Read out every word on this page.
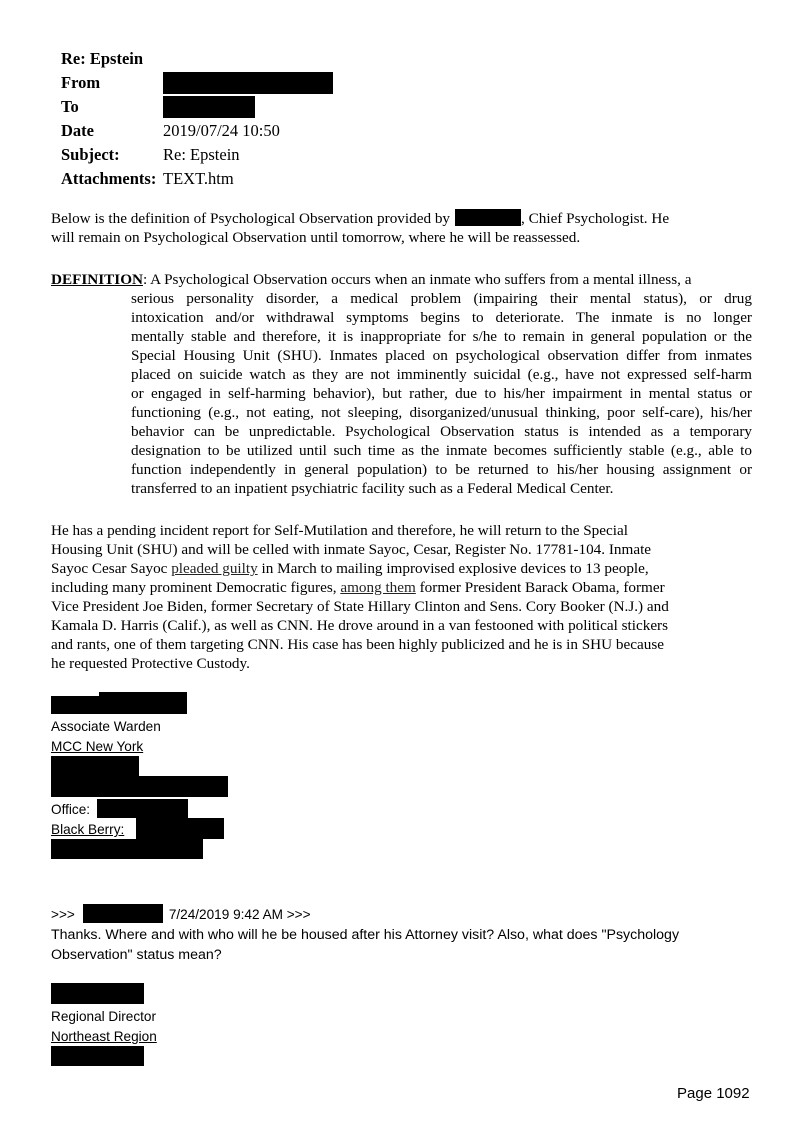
Re: Epstein
From
To
Date	2019/07/24 10:50
Subject:	Re: Epstein
Attachments: TEXT.htm
Below is the definition of Psychological Observation provided by	, Chief Psychologist. He
will remain on Psychological Observation until tomorrow, where he will be reassessed.
DEFINITION: A Psychological Observation occurs when an inmate who suffers from a mental illness, a
serious personality disorder, a medical problem (impairing their mental status), or drug
intoxication and/or withdrawal symptoms begins to deteriorate. The inmate is no longer
mentally stable and therefore, it is inappropriate for s/he to remain in general population or the
Special Housing Unit (SHU). Inmates placed on psychological observation differ from inmates
placed on suicide watch as they are not imminently suicidal (e.g., have not expressed self-harm
or engaged in self-harming behavior), but rather, due to his/her impairment in mental status or
functioning (e.g., not eating, not sleeping, disorganized/unusual thinking, poor self-care), his/her
behavior can be unpredictable. Psychological Observation status is intended as a temporary
designation to be utilized until such time as the inmate becomes sufficiently stable (e.g., able to
function independently in general population) to be returned to his/her housing assignment or
transferred to an inpatient psychiatric facility such as a Federal Medical Center.
He has a pending incident report for Self-Mutilation and therefore, he will return to the Special
Housing Unit (SHU) and will be celled with inmate Sayoc, Cesar, Register No. 17781-104. Inmate
Sayoc Cesar Sayoc pleaded guilty in March to mailing improvised explosive devices to 13 people,
including many prominent Democratic figures, among them former President Barack Obama, former
Vice President Joe Biden, former Secretary of State Hillary Clinton and Sens. Cory Booker (N.J.) and
Kamala D. Harris (Calif.), as well as CNN. He drove around in a van festooned with political stickers
and rants, one of them targeting CNN. His case has been highly publicized and he is in SHU because
he requested Protective Custody.
Associate Warden
MCC New York
Office:
Black Berry:
>>>	7/24/2019 9:42 AM >>>
Thanks. Where and with who will he be housed after his Attorney visit? Also, what does "Psychology
Observation" status mean?
Regional Director
Northeast Region
Page 1092
